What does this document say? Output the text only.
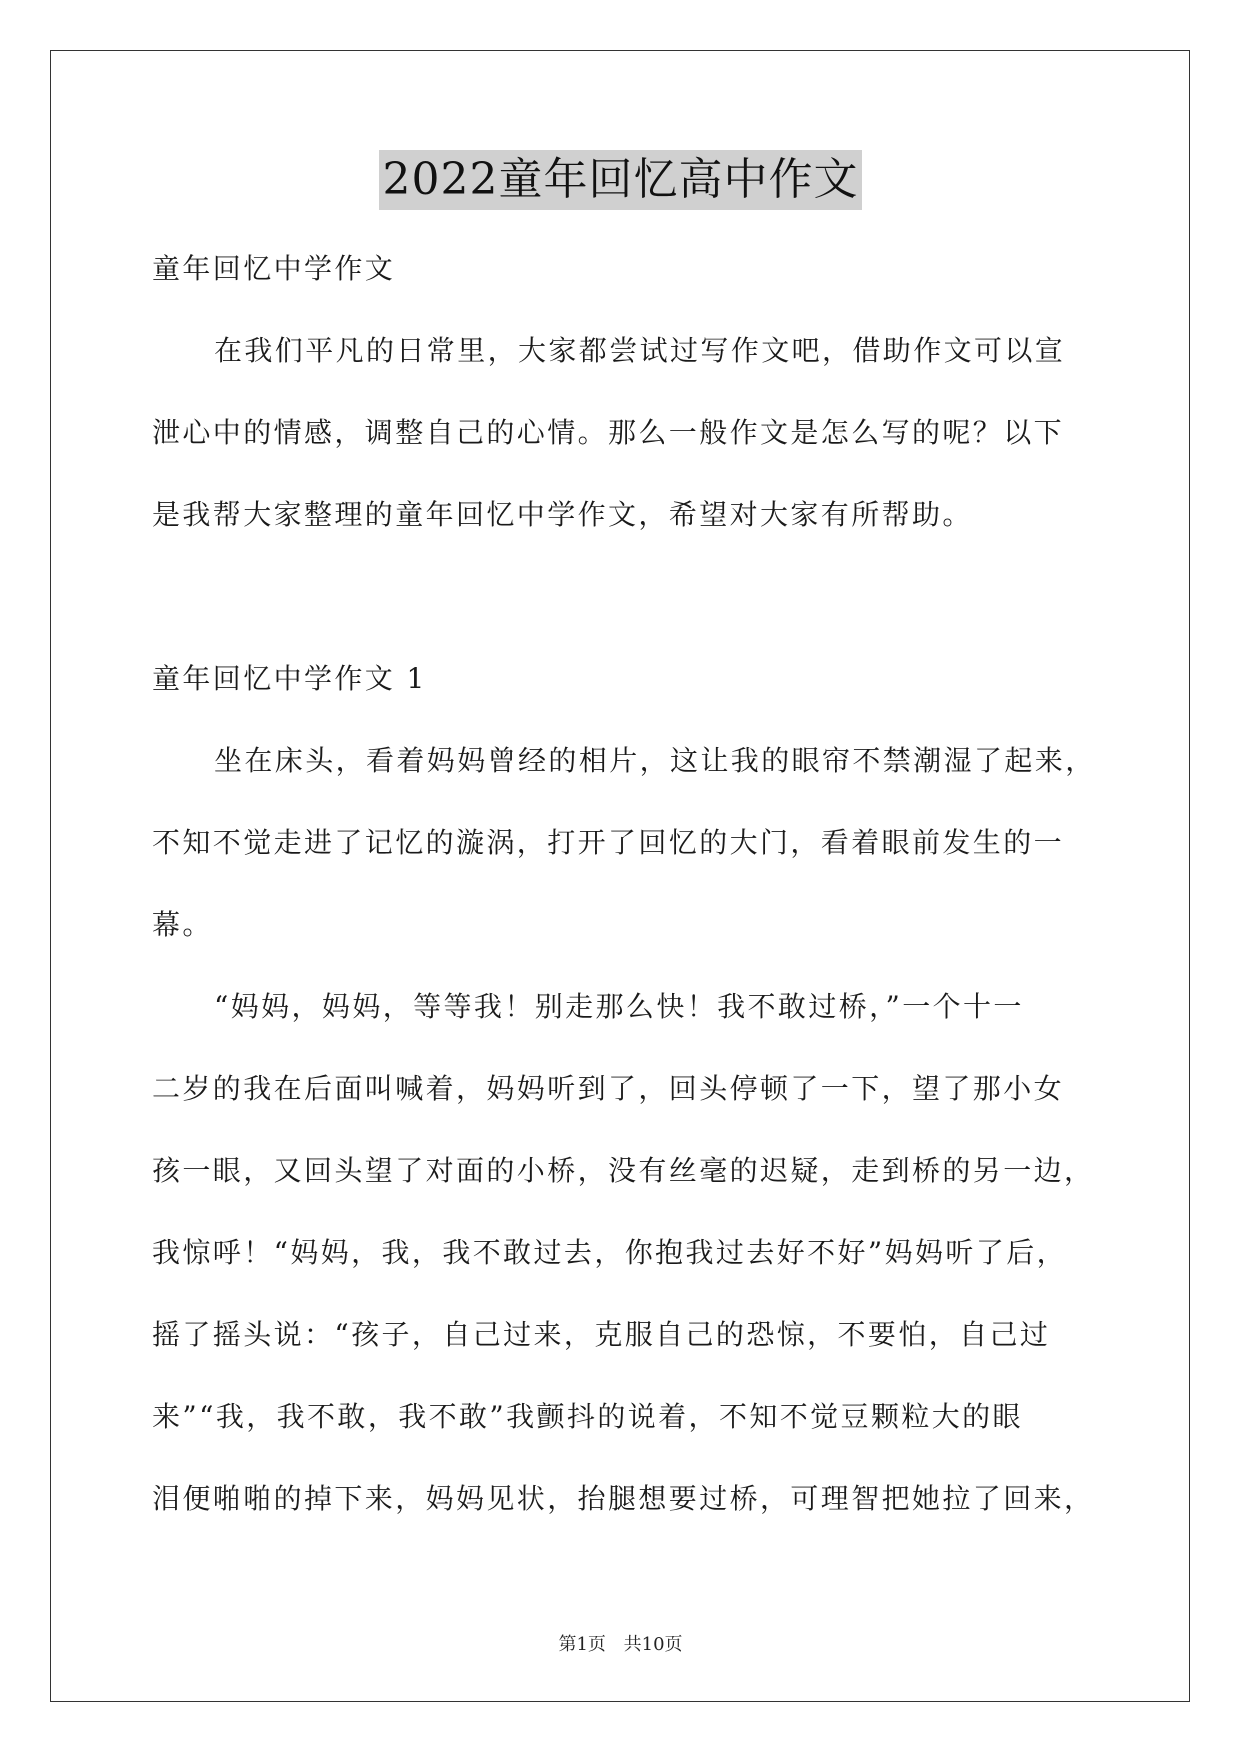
2022童年回忆高中作文
童年回忆中学作文
在我们平凡的日常里，大家都尝试过写作文吧，借助作文可以宣
泄心中的情感，调整自己的心情。那么一般作文是怎么写的呢？以下
是我帮大家整理的童年回忆中学作文，希望对大家有所帮助。
童年回忆中学作文 1
坐在床头，看着妈妈曾经的相片，这让我的眼帘不禁潮湿了起来，
不知不觉走进了记忆的漩涡，打开了回忆的大门，看着眼前发生的一
幕。
“妈妈，妈妈，等等我！别走那么快！我不敢过桥，”一个十一
二岁的我在后面叫喊着，妈妈听到了，回头停顿了一下，望了那小女
孩一眼，又回头望了对面的小桥，没有丝毫的迟疑，走到桥的另一边，
我惊呼！“妈妈，我，我不敢过去，你抱我过去好不好”妈妈听了后，
摇了摇头说：“孩子，自己过来，克服自己的恐惊，不要怕，自己过
来”“我，我不敢，我不敢”我颤抖的说着，不知不觉豆颗粒大的眼
泪便啪啪的掉下来，妈妈见状，抬腿想要过桥，可理智把她拉了回来，
第1页 共10页
